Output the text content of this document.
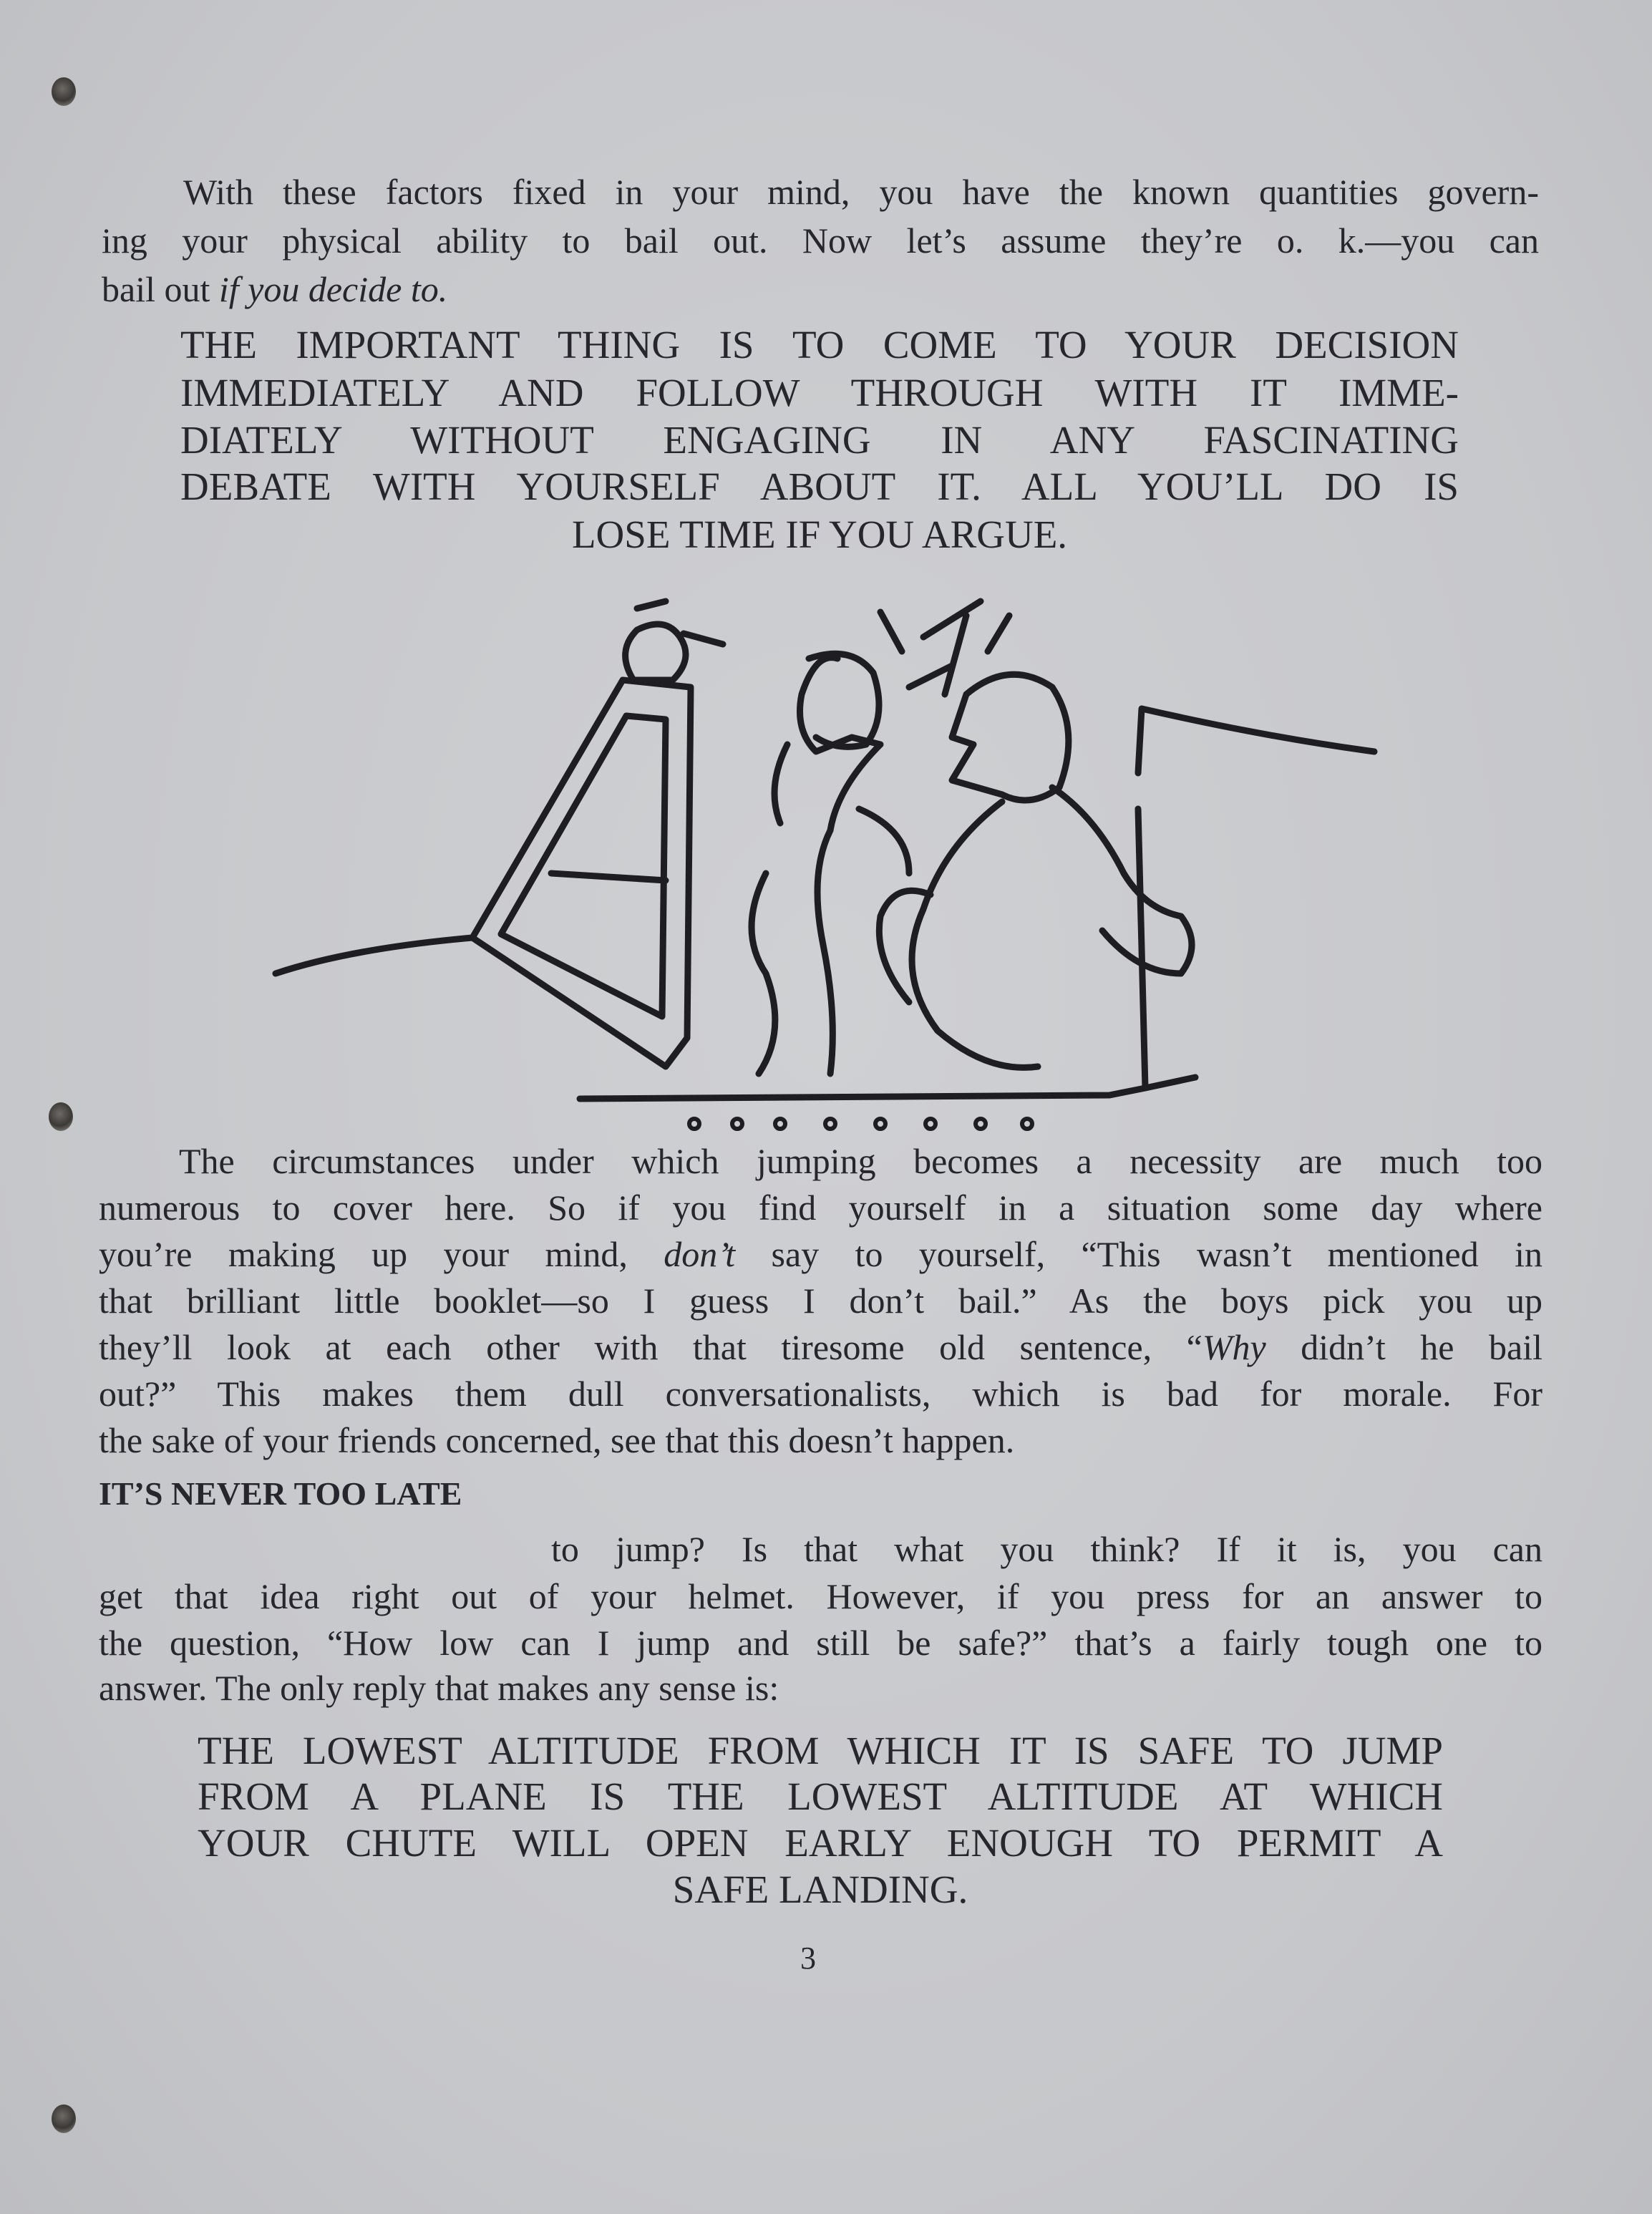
With these factors fixed in your mind, you have the known quantities govern-
ing your physical ability to bail out. Now let’s assume they’re o. k.—you can
bail out if you decide to.
THE IMPORTANT THING IS TO COME TO YOUR DECISION
IMMEDIATELY AND FOLLOW THROUGH WITH IT IMME-
DIATELY WITHOUT ENGAGING IN ANY FASCINATING
DEBATE WITH YOURSELF ABOUT IT. ALL YOU’LL DO IS
LOSE TIME IF YOU ARGUE.
The circumstances under which jumping becomes a necessity are much too
numerous to cover here. So if you find yourself in a situation some day where
you’re making up your mind, don’t say to yourself, “This wasn’t mentioned in
that brilliant little booklet—so I guess I don’t bail.” As the boys pick you up
they’ll look at each other with that tiresome old sentence, “Why didn’t he bail
out?” This makes them dull conversationalists, which is bad for morale. For
the sake of your friends concerned, see that this doesn’t happen.
IT’S NEVER TOO LATE
to jump? Is that what you think? If it is, you can
get that idea right out of your helmet. However, if you press for an answer to
the question, “How low can I jump and still be safe?” that’s a fairly tough one to
answer. The only reply that makes any sense is:
THE LOWEST ALTITUDE FROM WHICH IT IS SAFE TO JUMP
FROM A PLANE IS THE LOWEST ALTITUDE AT WHICH
YOUR CHUTE WILL OPEN EARLY ENOUGH TO PERMIT A
SAFE LANDING.
3
